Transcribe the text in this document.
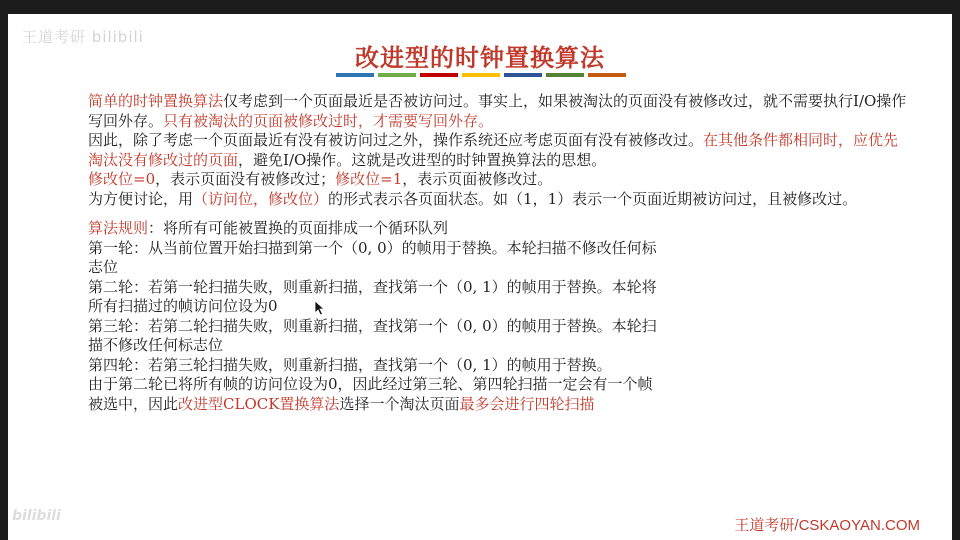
王道考研 bilibili
改进型的时钟置换算法

简单的时钟置换算法仅考虑到一个页面最近是否被访问过。事实上，如果被淘汰的页面没有被修改过，就不需要执行I/O操作写回外存。只有被淘汰的页面被修改过时，才需要写回外存。

因此，除了考虑一个页面最近有没有被访问过之外，操作系统还应考虑页面有没有被修改过。在其他条件都相同时，应优先淘汰没有修改过的页面，避免I/O操作。这就是改进型的时钟置换算法的思想。

修改位=0，表示页面没有被修改过；修改位=1，表示页面被修改过。

为方便讨论，用（访问位，修改位）的形式表示各页面状态。如（1，1）表示一个页面近期被访问过，且被修改过。

算法规则：将所有可能被置换的页面排成一个循环队列

第一轮：从当前位置开始扫描到第一个（0, 0）的帧用于替换。本轮扫描不修改任何标志位

第二轮：若第一轮扫描失败，则重新扫描，查找第一个（0, 1）的帧用于替换。本轮将所有扫描过的帧访问位设为0

第三轮：若第二轮扫描失败，则重新扫描，查找第一个（0, 0）的帧用于替换。本轮扫描不修改任何标志位

第四轮：若第三轮扫描失败，则重新扫描，查找第一个（0, 1）的帧用于替换。

由于第二轮已将所有帧的访问位设为0，因此经过第三轮、第四轮扫描一定会有一个帧被选中，因此改进型CLOCK置换算法选择一个淘汰页面最多会进行四轮扫描

bilibili
王道考研/CSKAOYAN.COM
